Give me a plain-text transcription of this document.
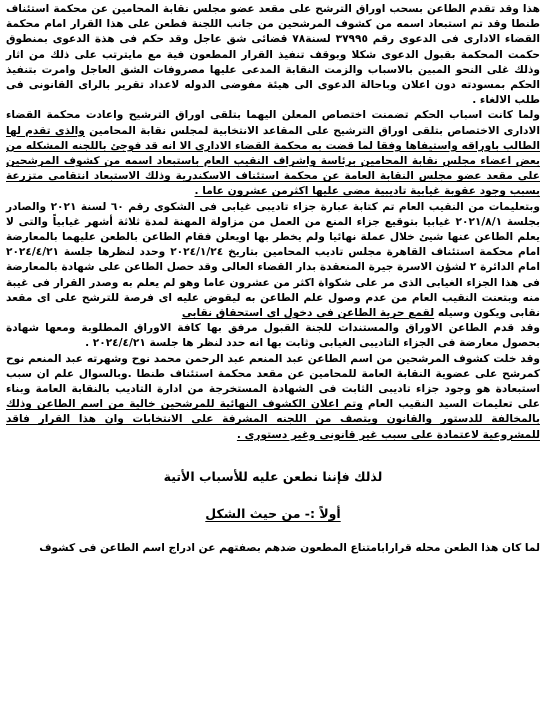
هذا وقد تقدم الطاعن بسحب اوراق الترشح على مقعد عضو مجلس نقابة المحامين عن محكمة استئناف طنطا وقد تم استبعاد اسمه من كشوف المرشحين من جانب اللجنة فطعن على هذا القرار امام محكمة القضاء الادارى فى الدعوى رقم ٣٧٩٩٥ لسنة٧٨ قضائى شق عاجل وقد حكم فى هذة الدعوى بمنطوق حكمت المحكمة بقبول الدعوى شكلا وبوقف تنفيذ القرار المطعون فية مع مايترتب على ذلك من اثار وذلك غلى النحو المبين بالاسباب والزمت النقابة المدعى عليها مصروفات الشق العاجل وامرت بتنفيذ الحكم بمسودته دون اعلان وباحالة الدعوى الى هيئة مفوضى الدوله لاعداد تقرير بالراى القانونى فى طلب الالغاء .

ولما كانت اسباب الحكم تضمنت اختصاص المعلن اليهما بتلقى اوراق الترشيح واعادت محكمة القضاء الادارى الاختصاص بتلقى اوراق الترشيح على المقاعد الانتخابية لمجلس نقابة المحامين والذى تقدم لها الطالب باوراقه واستيفاها وفقا لما قضت به محكمة القضاء الادارى الا انه قد فوجئ باللجنه المشكله من بعض اعضاء مجلس نقابة المحامين برئاسة واشراف النقيب العام باستبعاد اسمه من كشوف المرشحين على مقعد عضو مجلس النقابة العامة عن محكمة استئناف الاسكندرية وذلك الاستبعاد انتقامى متزرعة بسبب وجود عقوبة غيابية تاديبية مضى عليها اكثرمن عشرون عاما .

وبتعليمات من النقيب العام تم كتابة عبارة جزاء تاديبى غيابى فى الشكوى رقم ٦٠ لسنة ٢٠٢١ والصادر بجلسة ٢٠٢١/٨/١ غيابيا بتوقيع جزاء المنع من العمل من مزاولة المهنة لمدة ثلاثة أشهر غيابياً والتى لا يعلم الطاعن عنها شيئ خلال عملة نهائيا ولم يخطر بها اويعلن فقام الطاعن بالطعن عليهما بالمعارضة امام محكمة استئناف القاهرة مجلس تاديب المحامين بتاريخ ٢٠٢٤/١/٢٤ وحدد لنظرها جلسة ٢٠٢٤/٤/٢١ امام الدائرة ٢ لشؤن الاسرة جيرة المنعقدة بدار القضاء العالى وقد حصل الطاعن على شهادة بالمعارضة فى هذا الجزاء الغيابى الذى مر على شكواة اكثر من عشرون عاما وهو لم يعلم به وصدر القرار فى غيبة منه وبتعنت النقيب العام من عدم وصول علم الطاعن به ليقوض عليه اى فرصة للترشح على اى مقعد نقابى ويكون وسيله لقمع حرية الطاعن فى دخول اى استحقاق نقابى

وقد قدم الطاعن الاوراق والمستندات للجنة القبول مرفق بها كافة الاوراق المطلوبة ومعها شهادة بحصول معارضة فى الجزاء التاديبى الغيابى وثابت بها انه حدد لنظر ها جلسة ٢٠٢٤/٤/٢١ .

وقد خلت كشوف المرشحين من اسم الطاعن عبد المنعم عبد الرحمن محمد نوح وشهرته عبد المنعم نوح كمرشح على عضوية النقابة العامة للمحامين عن مقعد محكمة استئناف طنطا .وبالسوال علم ان سبب استبعادة هو وجود جزاء تاديبى الثابت فى الشهادة المستخرجة من ادارة التاديب بالنقابة العامة وبناء على تعليمات السيد النقيب العام وتم اعلان الكشوف النهائية للمرشحين خالية من اسم الطاعن وذلك بالمخالفة للدستور والقانون ويتصف من اللجنه المشرفة على الانتخابات وان هذا القرار فاقد للمشروعية لاعتمادة على سبب غير قانونى وغير دستورى .

لذلك فإننا نطعن عليه للأسباب الأتية

أولاً :- من حيث الشكل

لما كان هذا الطعن محله قرارابامتناع المطعون ضدهم بصفتهم عن ادراج اسم الطاعن فى كشوف
